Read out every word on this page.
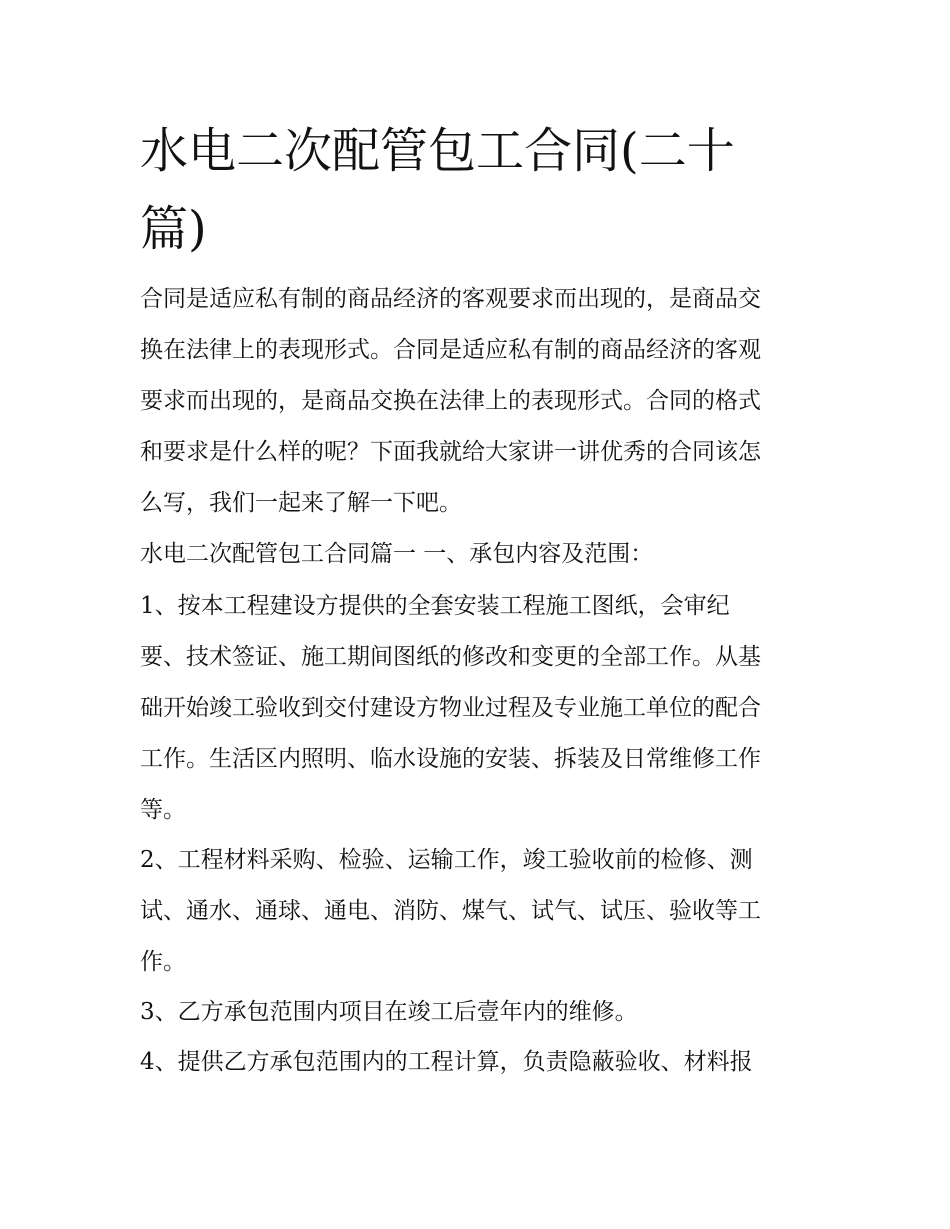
水电二次配管包工合同(二十
篇)

合同是适应私有制的商品经济的客观要求而出现的，是商品交

换在法律上的表现形式。合同是适应私有制的商品经济的客观

要求而出现的，是商品交换在法律上的表现形式。合同的格式

和要求是什么样的呢？下面我就给大家讲一讲优秀的合同该怎

么写，我们一起来了解一下吧。

水电二次配管包工合同篇一 一、承包内容及范围：

1、按本工程建设方提供的全套安装工程施工图纸，会审纪

要、技术签证、施工期间图纸的修改和变更的全部工作。从基

础开始竣工验收到交付建设方物业过程及专业施工单位的配合

工作。生活区内照明、临水设施的安装、拆装及日常维修工作

等。

2、工程材料采购、检验、运输工作，竣工验收前的检修、测

试、通水、通球、通电、消防、煤气、试气、试压、验收等工

作。

3、乙方承包范围内项目在竣工后壹年内的维修。

4、提供乙方承包范围内的工程计算，负责隐蔽验收、材料报
